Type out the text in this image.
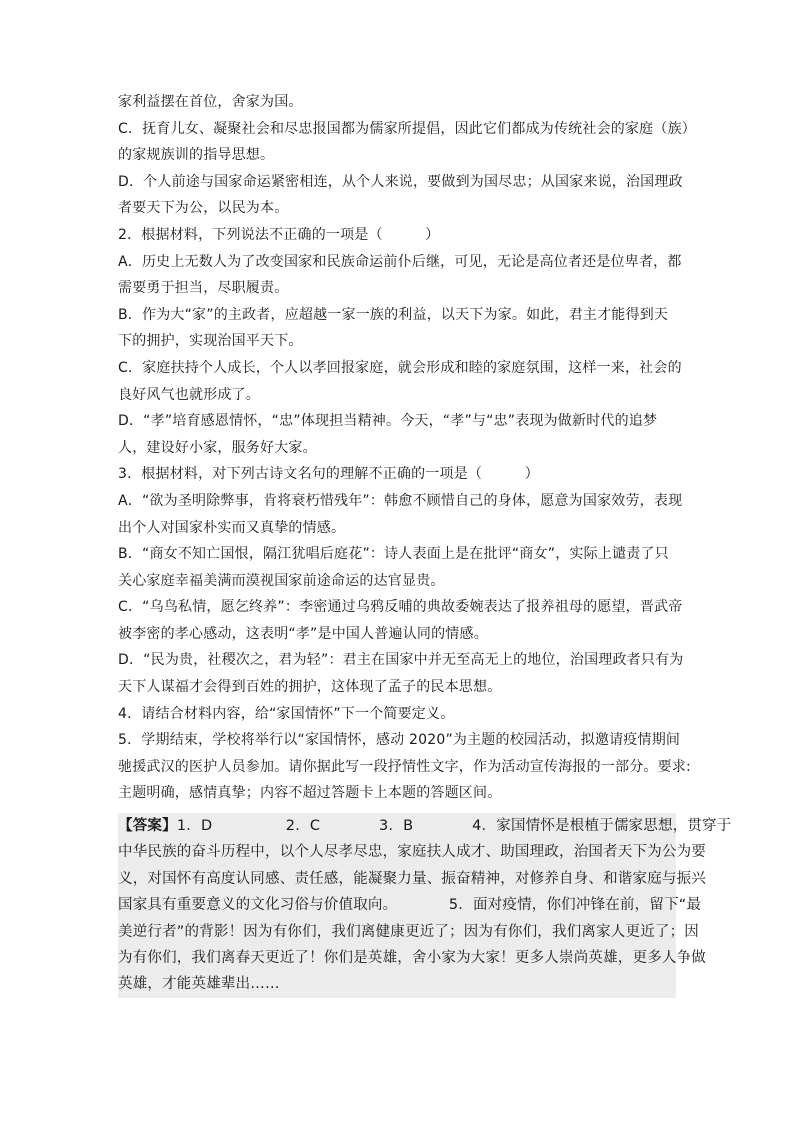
家利益摆在首位，舍家为国。
C．抚育儿女、凝聚社会和尽忠报国都为儒家所提倡，因此它们都成为传统社会的家庭（族）
的家规族训的指导思想。
D．个人前途与国家命运紧密相连，从个人来说，要做到为国尽忠；从国家来说，治国理政
者要天下为公，以民为本。
2．根据材料，下列说法不正确的一项是（　　　）
A．历史上无数人为了改变国家和民族命运前仆后继，可见，无论是高位者还是位卑者，都
需要勇于担当，尽职履责。
B．作为大“家”的主政者，应超越一家一族的利益，以天下为家。如此，君主才能得到天
下的拥护，实现治国平天下。
C．家庭扶持个人成长，个人以孝回报家庭，就会形成和睦的家庭氛围，这样一来，社会的
良好风气也就形成了。
D．“孝”培育感恩情怀，“忠”体现担当精神。今天，“孝”与“忠”表现为做新时代的追梦
人，建设好小家，服务好大家。
3．根据材料，对下列古诗文名句的理解不正确的一项是（　　　）
A．“欲为圣明除弊事，肯将衰朽惜残年”：韩愈不顾惜自己的身体，愿意为国家效劳，表现
出个人对国家朴实而又真挚的情感。
B．“商女不知亡国恨，隔江犹唱后庭花”：诗人表面上是在批评“商女”，实际上谴责了只
关心家庭幸福美满而漠视国家前途命运的达官显贵。
C．“乌鸟私情，愿乞终养”：李密通过乌鸦反哺的典故委婉表达了报养祖母的愿望，晋武帝
被李密的孝心感动，这表明“孝”是中国人普遍认同的情感。
D．“民为贵，社稷次之，君为轻”：君主在国家中并无至高无上的地位，治国理政者只有为
天下人谋福才会得到百姓的拥护，这体现了孟子的民本思想。
4．请结合材料内容，给“家国情怀”下一个简要定义。
5．学期结束，学校将举行以“家国情怀，感动 2020”为主题的校园活动，拟邀请疫情期间
驰援武汉的医护人员参加。请你据此写一段抒情性文字，作为活动宣传海报的一部分。要求:
主题明确，感情真挚；内容不超过答题卡上本题的答题区间。
【答案】1．D　　　　　2．C　　　　3．B　　　　4．家国情怀是根植于儒家思想，贯穿于
中华民族的奋斗历程中，以个人尽孝尽忠，家庭扶人成才、助国理政，治国者天下为公为要
义，对国怀有高度认同感、责任感，能凝聚力量、振奋精神，对修养自身、和谐家庭与振兴
国家具有重要意义的文化习俗与价值取向。　　　　5．面对疫情，你们冲锋在前，留下“最
美逆行者”的背影！因为有你们，我们离健康更近了；因为有你们，我们离家人更近了；因
为有你们，我们离春天更近了！你们是英雄，舍小家为大家！更多人崇尚英雄，更多人争做
英雄，才能英雄辈出……
